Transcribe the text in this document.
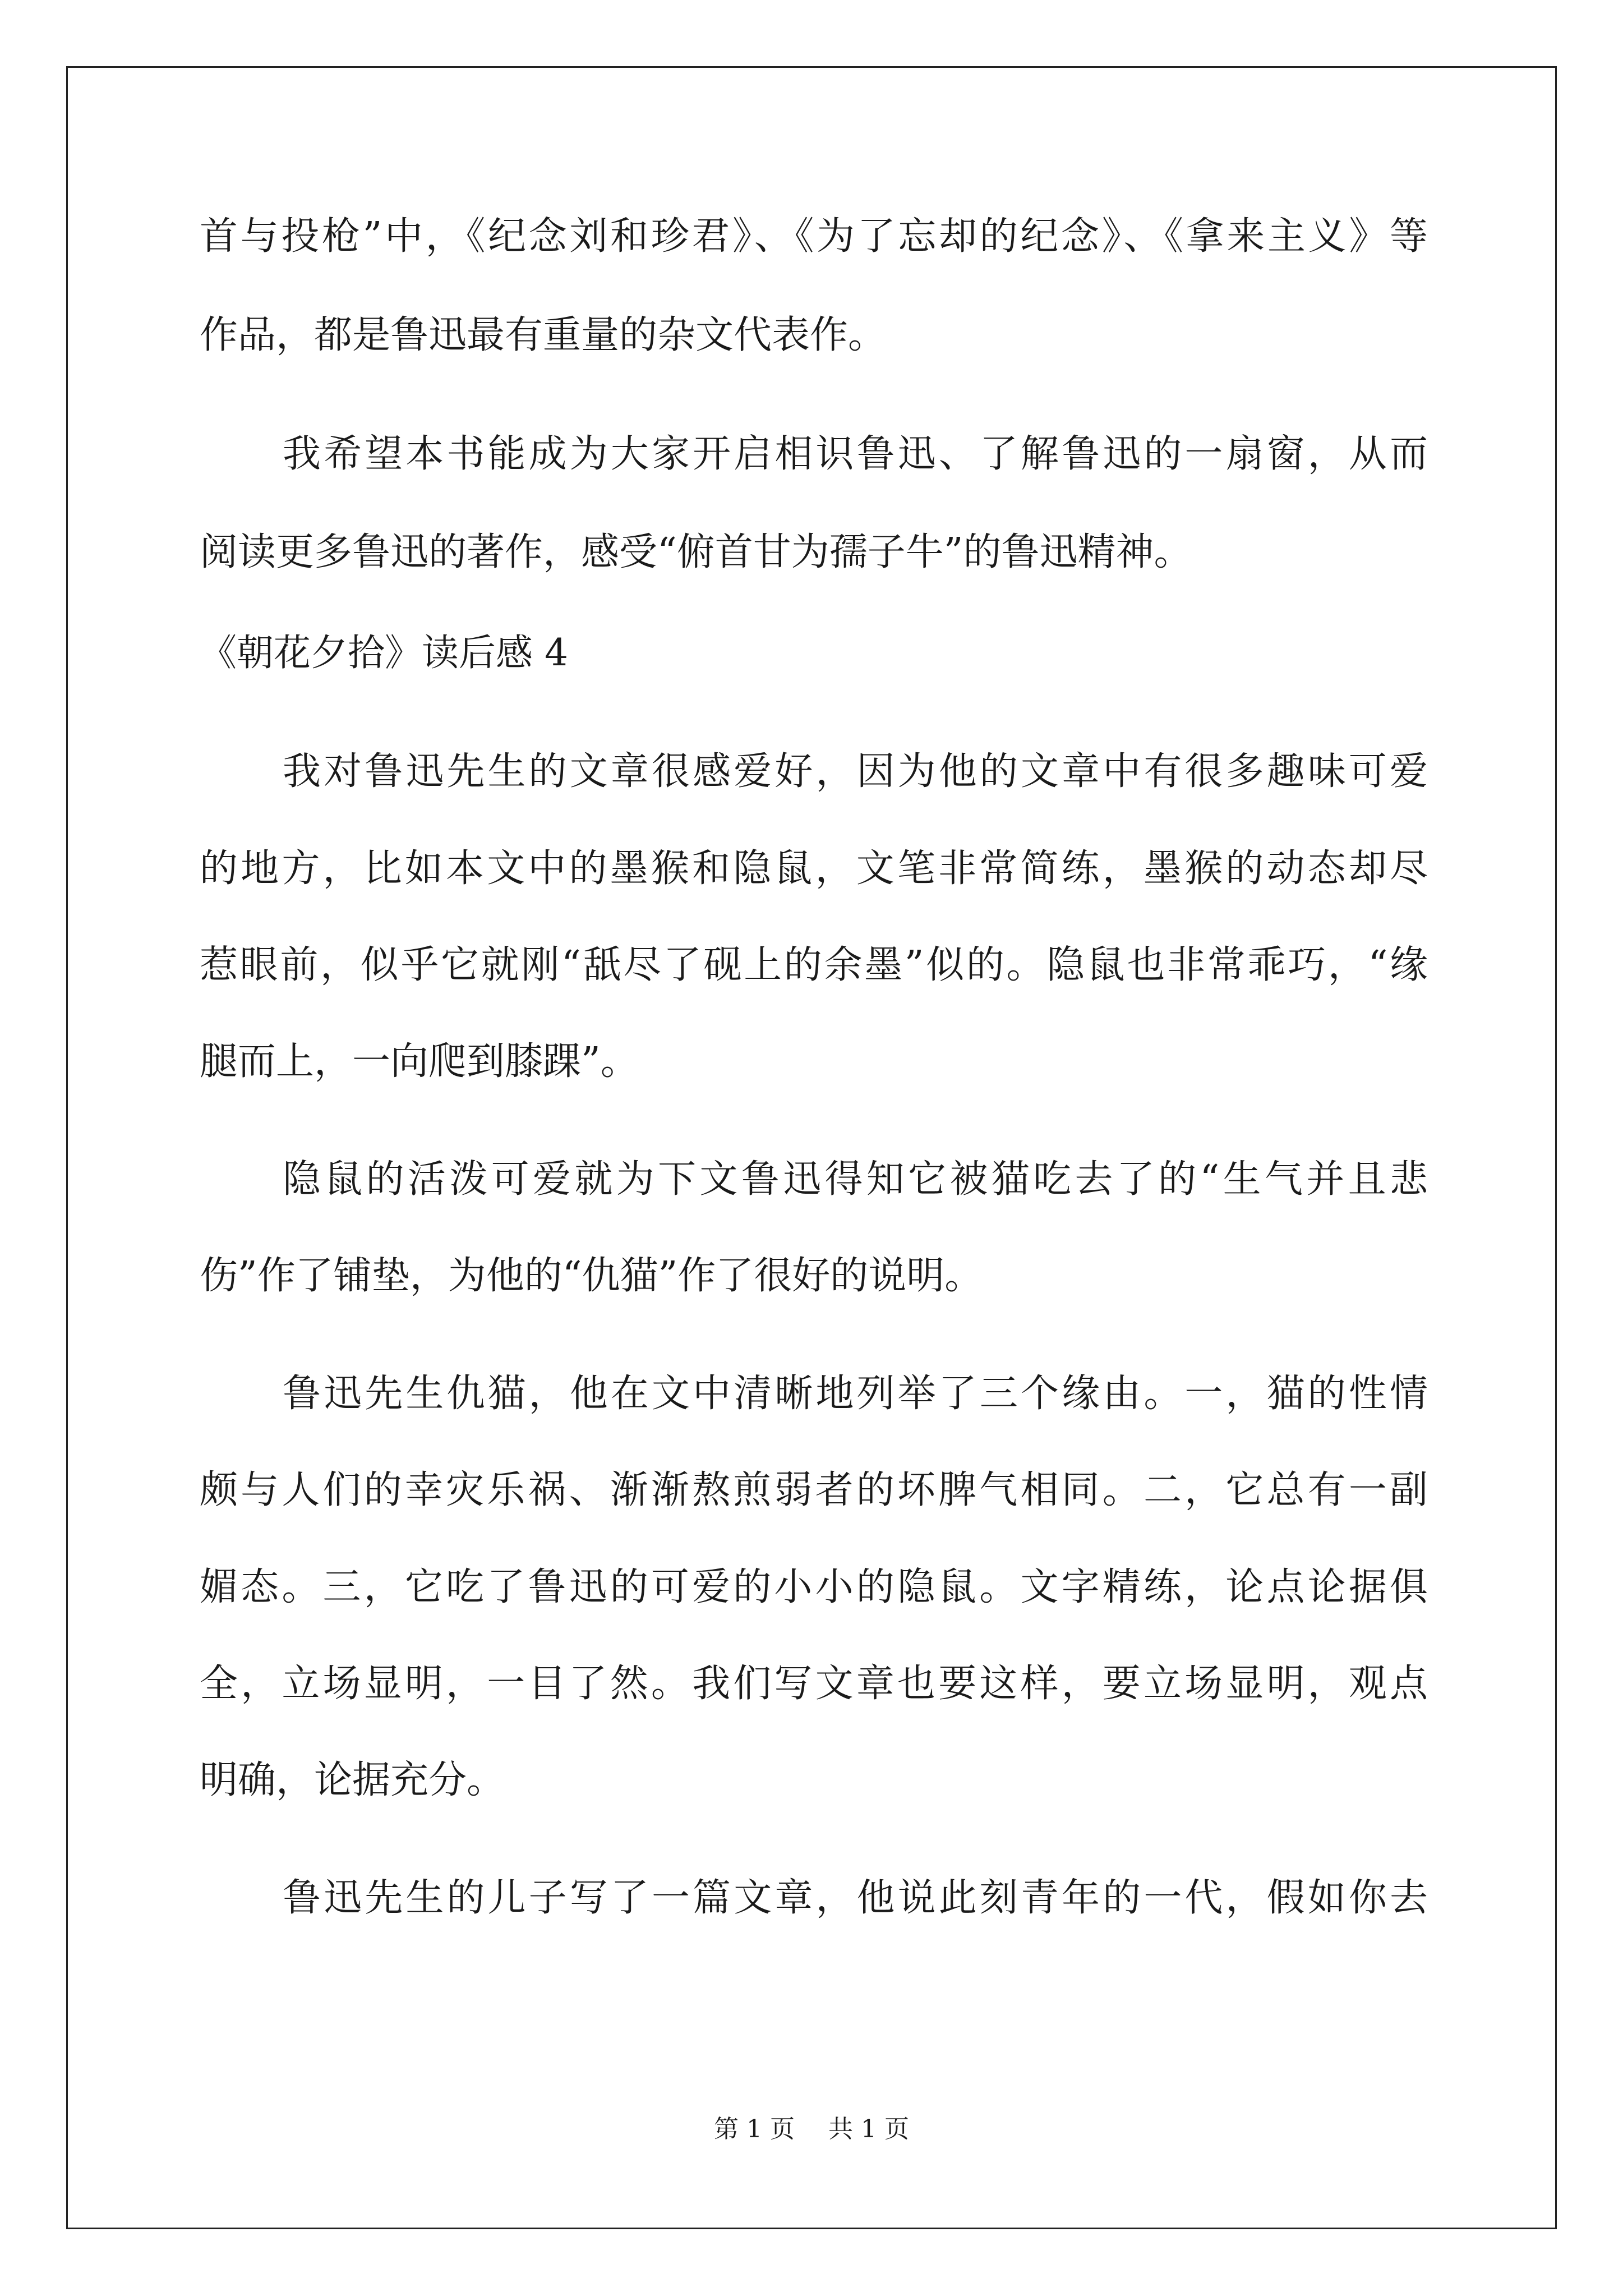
首与投枪”中，《纪念刘和珍君》、《为了忘却的纪念》、《拿来主义》等
作品，都是鲁迅最有重量的杂文代表作。
我希望本书能成为大家开启相识鲁迅、了解鲁迅的一扇窗，从而
阅读更多鲁迅的著作，感受“俯首甘为孺子牛”的鲁迅精神。
《朝花夕拾》读后感 4
我对鲁迅先生的文章很感爱好，因为他的文章中有很多趣味可爱
的地方，比如本文中的墨猴和隐鼠，文笔非常简练，墨猴的动态却尽
惹眼前，似乎它就刚“舐尽了砚上的余墨”似的。隐鼠也非常乖巧，“缘
腿而上，一向爬到膝踝”。
隐鼠的活泼可爱就为下文鲁迅得知它被猫吃去了的“生气并且悲
伤”作了铺垫，为他的“仇猫”作了很好的说明。
鲁迅先生仇猫，他在文中清晰地列举了三个缘由。一，猫的性情
颇与人们的幸灾乐祸、渐渐熬煎弱者的坏脾气相同。二，它总有一副
媚态。三，它吃了鲁迅的可爱的小小的隐鼠。文字精练，论点论据俱
全，立场显明，一目了然。我们写文章也要这样，要立场显明，观点
明确，论据充分。
鲁迅先生的儿子写了一篇文章，他说此刻青年的一代，假如你去
第 1 页 共 1 页
